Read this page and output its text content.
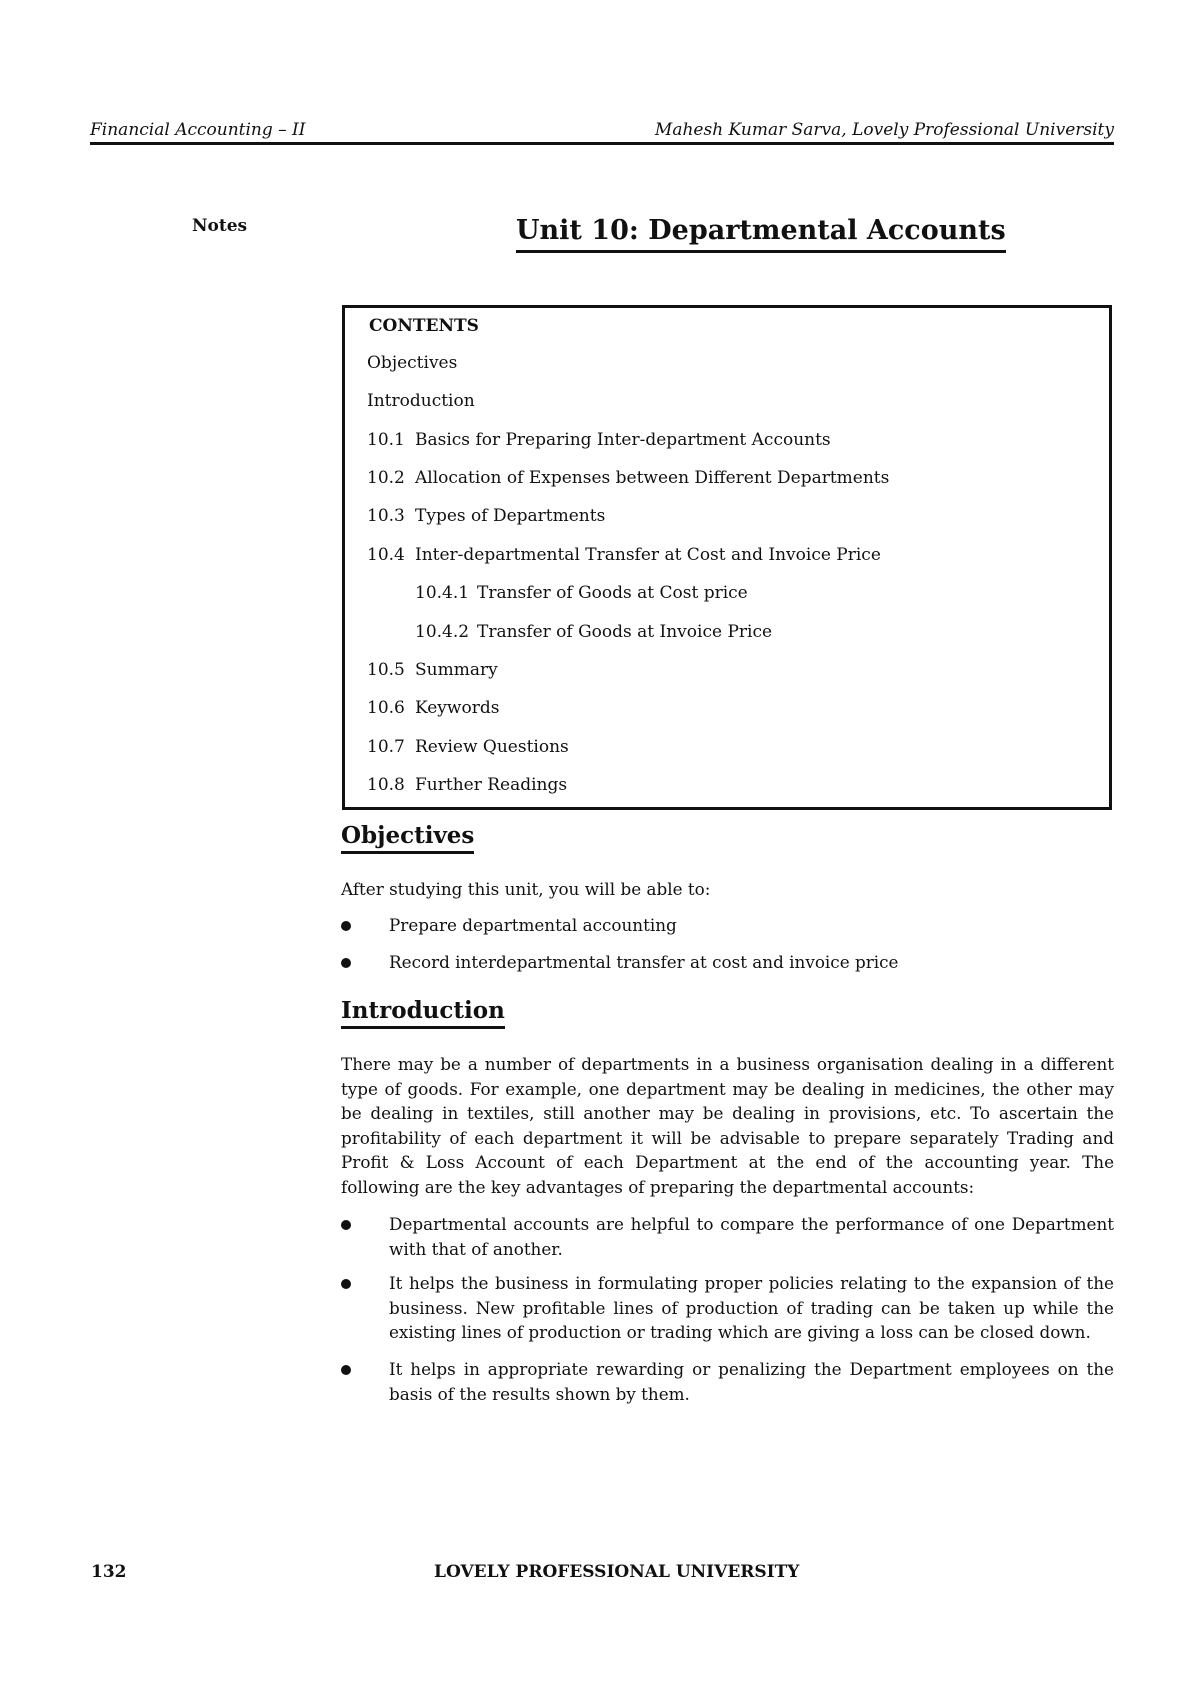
Financial Accounting – II	Mahesh Kumar Sarva, Lovely Professional University
Notes	Unit 10: Departmental Accounts
CONTENTS
Objectives
Introduction
10.1 Basics for Preparing Inter-department Accounts
10.2 Allocation of Expenses between Different Departments
10.3 Types of Departments
10.4 Inter-departmental Transfer at Cost and Invoice Price
10.4.1 Transfer of Goods at Cost price
10.4.2 Transfer of Goods at Invoice Price
10.5 Summary
10.6 Keywords
10.7 Review Questions
10.8 Further Readings
Objectives

After studying this unit, you will be able to:

Prepare departmental accounting
Record interdepartmental transfer at cost and invoice price
Introduction

There may be a number of departments in a business organisation dealing in a different type of goods. For example, one department may be dealing in medicines, the other may be dealing in textiles, still another may be dealing in provisions, etc. To ascertain the profitability of each department it will be advisable to prepare separately Trading and Profit & Loss Account of each Department at the end of the accounting year. The following are the key advantages of preparing the departmental accounts:

Departmental accounts are helpful to compare the performance of one Department with that of another.
It helps the business in formulating proper policies relating to the expansion of the business. New profitable lines of production of trading can be taken up while the existing lines of production or trading which are giving a loss can be closed down.
It helps in appropriate rewarding or penalizing the Department employees on the basis of the results shown by them.
132	LOVELY PROFESSIONAL UNIVERSITY
